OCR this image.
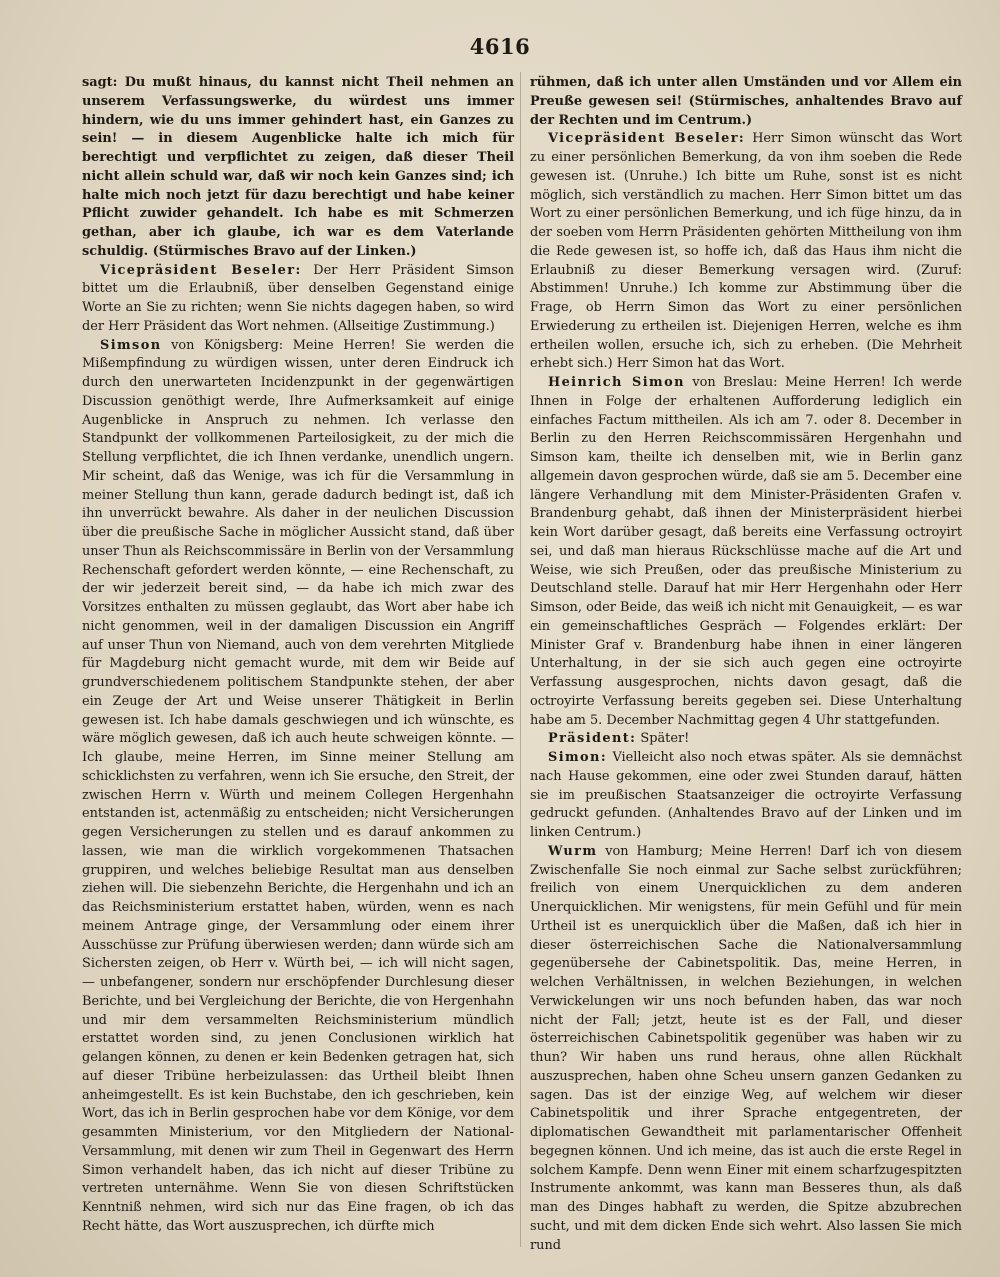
4616

sagt: Du mußt hinaus, du kannst nicht Theil nehmen an unserem Verfassungswerke, du würdest uns immer hindern, wie du uns immer gehindert hast, ein Ganzes zu sein! — in diesem Augenblicke halte ich mich für berechtigt und verpflichtet zu zeigen, daß dieser Theil nicht allein schuld war, daß wir noch kein Ganzes sind; ich halte mich noch jetzt für dazu berechtigt und habe keiner Pflicht zuwider gehandelt. Ich habe es mit Schmerzen gethan, aber ich glaube, ich war es dem Vaterlande schuldig. (Stürmisches Bravo auf der Linken.)

Vicepräsident Beseler: Der Herr Präsident Simson bittet um die Erlaubniß, über denselben Gegenstand einige Worte an Sie zu richten; wenn Sie nichts dagegen haben, so wird der Herr Präsident das Wort nehmen. (Allseitige Zustimmung.)

Simson von Königsberg: Meine Herren! Sie werden die Mißempfindung zu würdigen wissen, unter deren Eindruck ich durch den unerwarteten Incidenzpunkt in der gegenwärtigen Discussion genöthigt werde, Ihre Aufmerksamkeit auf einige Augenblicke in Anspruch zu nehmen. Ich verlasse den Standpunkt der vollkommenen Parteilosigkeit, zu der mich die Stellung verpflichtet, die ich Ihnen verdanke, unendlich ungern. Mir scheint, daß das Wenige, was ich für die Versammlung in meiner Stellung thun kann, gerade dadurch bedingt ist, daß ich ihn unverrückt bewahre. Als daher in der neulichen Discussion über die preußische Sache in möglicher Aussicht stand, daß über unser Thun als Reichscommissäre in Berlin von der Versammlung Rechenschaft gefordert werden könnte, — eine Rechenschaft, zu der wir jederzeit bereit sind, — da habe ich mich zwar des Vorsitzes enthalten zu müssen geglaubt, das Wort aber habe ich nicht genommen, weil in der damaligen Discussion ein Angriff auf unser Thun von Niemand, auch von dem verehrten Mitgliede für Magdeburg nicht gemacht wurde, mit dem wir Beide auf grundverschiedenem politischem Standpunkte stehen, der aber ein Zeuge der Art und Weise unserer Thätigkeit in Berlin gewesen ist. Ich habe damals geschwiegen und ich wünschte, es wäre möglich gewesen, daß ich auch heute schweigen könnte. — Ich glaube, meine Herren, im Sinne meiner Stellung am schicklichsten zu verfahren, wenn ich Sie ersuche, den Streit, der zwischen Herrn v. Würth und meinem Collegen Hergenhahn entstanden ist, actenmäßig zu entscheiden; nicht Versicherungen gegen Versicherungen zu stellen und es darauf ankommen zu lassen, wie man die wirklich vorgekommenen Thatsachen gruppiren, und welches beliebige Resultat man aus denselben ziehen will. Die siebenzehn Berichte, die Hergenhahn und ich an das Reichsministerium erstattet haben, würden, wenn es nach meinem Antrage ginge, der Versammlung oder einem ihrer Ausschüsse zur Prüfung überwiesen werden; dann würde sich am Sichersten zeigen, ob Herr v. Würth bei, — ich will nicht sagen, — unbefangener, sondern nur erschöpfender Durchlesung dieser Berichte, und bei Vergleichung der Berichte, die von Hergenhahn und mir dem versammelten Reichsministerium mündlich erstattet worden sind, zu jenen Conclusionen wirklich hat gelangen können, zu denen er kein Bedenken getragen hat, sich auf dieser Tribüne herbeizulassen: das Urtheil bleibt Ihnen anheimgestellt. Es ist kein Buchstabe, den ich geschrieben, kein Wort, das ich in Berlin gesprochen habe vor dem Könige, vor dem gesammten Ministerium, vor den Mitgliedern der National-Versammlung, mit denen wir zum Theil in Gegenwart des Herrn Simon verhandelt haben, das ich nicht auf dieser Tribüne zu vertreten unternähme. Wenn Sie von diesen Schriftstücken Kenntniß nehmen, wird sich nur das Eine fragen, ob ich das Recht hätte, das Wort auszusprechen, ich dürfte mich

rühmen, daß ich unter allen Umständen und vor Allem ein Preuße gewesen sei! (Stürmisches, anhaltendes Bravo auf der Rechten und im Centrum.)

Vicepräsident Beseler: Herr Simon wünscht das Wort zu einer persönlichen Bemerkung, da von ihm soeben die Rede gewesen ist. (Unruhe.) Ich bitte um Ruhe, sonst ist es nicht möglich, sich verständlich zu machen. Herr Simon bittet um das Wort zu einer persönlichen Bemerkung, und ich füge hinzu, da in der soeben vom Herrn Präsidenten gehörten Mittheilung von ihm die Rede gewesen ist, so hoffe ich, daß das Haus ihm nicht die Erlaubniß zu dieser Bemerkung versagen wird. (Zuruf: Abstimmen! Unruhe.) Ich komme zur Abstimmung über die Frage, ob Herrn Simon das Wort zu einer persönlichen Erwiederung zu ertheilen ist. Diejenigen Herren, welche es ihm ertheilen wollen, ersuche ich, sich zu erheben. (Die Mehrheit erhebt sich.) Herr Simon hat das Wort.

Heinrich Simon von Breslau: Meine Herren! Ich werde Ihnen in Folge der erhaltenen Aufforderung lediglich ein einfaches Factum mittheilen. Als ich am 7. oder 8. December in Berlin zu den Herren Reichscommissären Hergenhahn und Simson kam, theilte ich denselben mit, wie in Berlin ganz allgemein davon gesprochen würde, daß sie am 5. December eine längere Verhandlung mit dem Minister-Präsidenten Grafen v. Brandenburg gehabt, daß ihnen der Ministerpräsident hierbei kein Wort darüber gesagt, daß bereits eine Verfassung octroyirt sei, und daß man hieraus Rückschlüsse mache auf die Art und Weise, wie sich Preußen, oder das preußische Ministerium zu Deutschland stelle. Darauf hat mir Herr Hergenhahn oder Herr Simson, oder Beide, das weiß ich nicht mit Genauigkeit, — es war ein gemeinschaftliches Gespräch — Folgendes erklärt: Der Minister Graf v. Brandenburg habe ihnen in einer längeren Unterhaltung, in der sie sich auch gegen eine octroyirte Verfassung ausgesprochen, nichts davon gesagt, daß die octroyirte Verfassung bereits gegeben sei. Diese Unterhaltung habe am 5. December Nachmittag gegen 4 Uhr stattgefunden.

Präsident: Später!

Simon: Vielleicht also noch etwas später. Als sie demnächst nach Hause gekommen, eine oder zwei Stunden darauf, hätten sie im preußischen Staatsanzeiger die octroyirte Verfassung gedruckt gefunden. (Anhaltendes Bravo auf der Linken und im linken Centrum.)

Wurm von Hamburg; Meine Herren! Darf ich von diesem Zwischenfalle Sie noch einmal zur Sache selbst zurückführen; freilich von einem Unerquicklichen zu dem anderen Unerquicklichen. Mir wenigstens, für mein Gefühl und für mein Urtheil ist es unerquicklich über die Maßen, daß ich hier in dieser österreichischen Sache die Nationalversammlung gegenübersehe der Cabinetspolitik. Das, meine Herren, in welchen Verhältnissen, in welchen Beziehungen, in welchen Verwickelungen wir uns noch befunden haben, das war noch nicht der Fall; jetzt, heute ist es der Fall, und dieser österreichischen Cabinetspolitik gegenüber was haben wir zu thun? Wir haben uns rund heraus, ohne allen Rückhalt auszusprechen, haben ohne Scheu unsern ganzen Gedanken zu sagen. Das ist der einzige Weg, auf welchem wir dieser Cabinetspolitik und ihrer Sprache entgegentreten, der diplomatischen Gewandtheit mit parlamentarischer Offenheit begegnen können. Und ich meine, das ist auch die erste Regel in solchem Kampfe. Denn wenn Einer mit einem scharfzugespitzten Instrumente ankommt, was kann man Besseres thun, als daß man des Dinges habhaft zu werden, die Spitze abzubrechen sucht, und mit dem dicken Ende sich wehrt. Also lassen Sie mich rund
